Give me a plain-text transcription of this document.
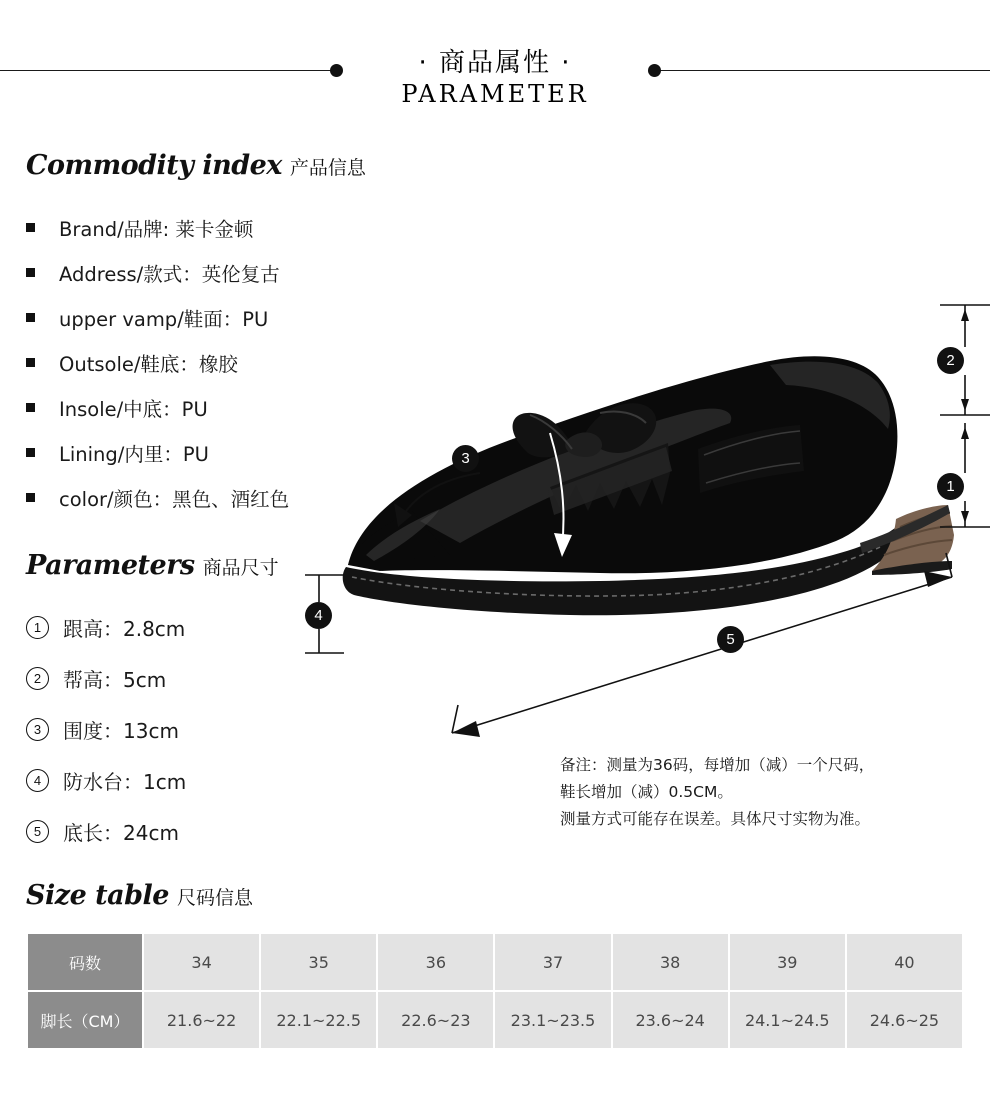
· 商品属性 ·
PARAMETER
Commodity index 产品信息
Brand/品牌: 莱卡金顿
Address/款式：英伦复古
upper vamp/鞋面：PU
Outsole/鞋底：橡胶
Insole/中底：PU
Lining/内里：PU
color/颜色：黑色、酒红色
Parameters 商品尺寸
1	跟高：2.8cm
2	帮高：5cm
3	围度：13cm
4	防水台：1cm
5	底长：24cm
1
2
3
4
5
备注：测量为36码，每增加（减）一个尺码，
鞋长增加（减）0.5CM。
测量方式可能存在误差。具体尺寸实物为准。
Size table 尺码信息
码数	34	35	36	37	38	39	40
脚长（CM）	21.6~22	22.1~22.5	22.6~23	23.1~23.5	23.6~24	24.1~24.5	24.6~25
